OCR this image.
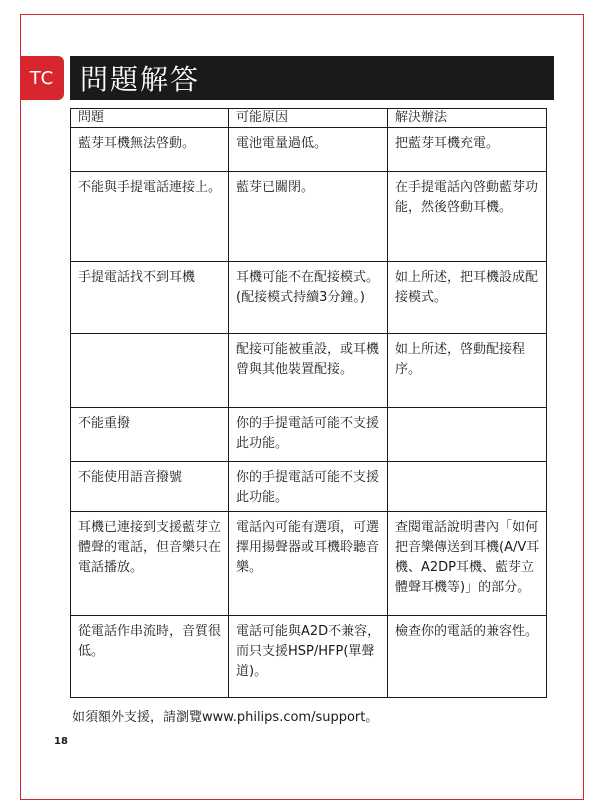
TC 問題解答
問題	可能原因	解決辦法
藍芽耳機無法啓動。	電池電量過低。	把藍芽耳機充電。
不能與手提電話連接上。	藍芽已關閉。	在手提電話內啓動藍芽功能，然後啓動耳機。
手提電話找不到耳機	耳機可能不在配接模式。(配接模式持續3分鐘。)	如上所述，把耳機設成配接模式。
	配接可能被重設，或耳機曾與其他裝置配接。	如上所述，啓動配接程序。
不能重撥	你的手提電話可能不支援此功能。	
不能使用語音撥號	你的手提電話可能不支援此功能。	
耳機已連接到支援藍芽立體聲的電話，但音樂只在電話播放。	電話內可能有選項，可選擇用揚聲器或耳機聆聽音樂。	查閱電話說明書內「如何把音樂傳送到耳機(A/V耳機、A2DP耳機、藍芽立體聲耳機等)」的部分。
從電話作串流時，音質很低。	電話可能與A2D不兼容，而只支援HSP/HFP(單聲道)。	檢查你的電話的兼容性。
如須額外支援，請瀏覽www.philips.com/support。
18
